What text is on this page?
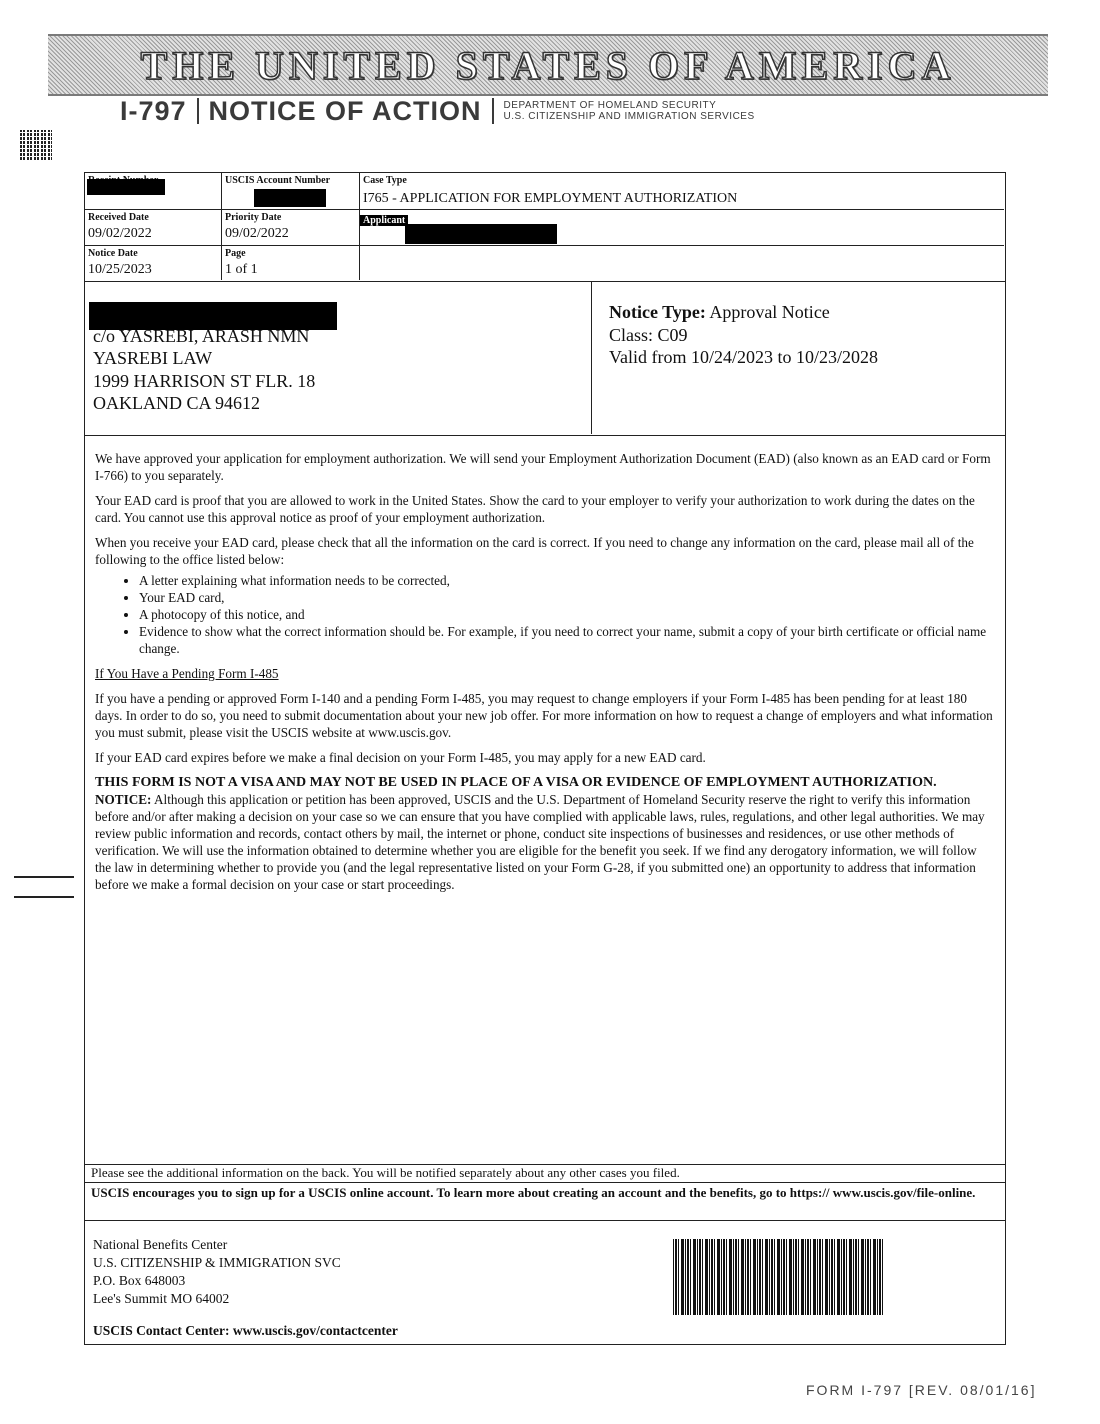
THE UNITED STATES OF AMERICA
I-797 NOTICE OF ACTION DEPARTMENT OF HOMELAND SECURITY
U.S. CITIZENSHIP AND IMMIGRATION SERVICES
USCIS Account Number	Case Type
I765 - APPLICATION FOR EMPLOYMENT AUTHORIZATION
Received Date
09/02/2022
Priority Date
09/02/2022
Applicant
Notice Date
10/25/2023
Page
1 of 1
c/o YASREBI, ARASH NMN
YASREBI LAW
1999 HARRISON ST FLR. 18
OAKLAND CA 94612
Notice Type: Approval Notice
Class: C09
Valid from 10/24/2023 to 10/23/2028

We have approved your application for employment authorization. We will send your Employment Authorization Document (EAD) (also known as an EAD card or Form I-766) to you separately.

Your EAD card is proof that you are allowed to work in the United States. Show the card to your employer to verify your authorization to work during the dates on the card. You cannot use this approval notice as proof of your employment authorization.

When you receive your EAD card, please check that all the information on the card is correct. If you need to change any information on the card, please mail all of the following to the office listed below:

• A letter explaining what information needs to be corrected,
• Your EAD card,
• A photocopy of this notice, and
• Evidence to show what the correct information should be. For example, if you need to correct your name, submit a copy of your birth certificate or official name change.

If You Have a Pending Form I-485

If you have a pending or approved Form I-140 and a pending Form I-485, you may request to change employers if your Form I-485 has been pending for at least 180 days. In order to do so, you need to submit documentation about your new job offer. For more information on how to request a change of employers and what information you must submit, please visit the USCIS website at www.uscis.gov.

If your EAD card expires before we make a final decision on your Form I-485, you may apply for a new EAD card.

THIS FORM IS NOT A VISA AND MAY NOT BE USED IN PLACE OF A VISA OR EVIDENCE OF EMPLOYMENT AUTHORIZATION.

NOTICE: Although this application or petition has been approved, USCIS and the U.S. Department of Homeland Security reserve the right to verify this information before and/or after making a decision on your case so we can ensure that you have complied with applicable laws, rules, regulations, and other legal authorities. We may review public information and records, contact others by mail, the internet or phone, conduct site inspections of businesses and residences, or use other methods of verification. We will use the information obtained to determine whether you are eligible for the benefit you seek. If we find any derogatory information, we will follow the law in determining whether to provide you (and the legal representative listed on your Form G-28, if you submitted one) an opportunity to address that information before we make a formal decision on your case or start proceedings.

Please see the additional information on the back. You will be notified separately about any other cases you filed.
USCIS encourages you to sign up for a USCIS online account. To learn more about creating an account and the benefits, go to https:// www.uscis.gov/file-online.
National Benefits Center
U.S. CITIZENSHIP & IMMIGRATION SVC
P.O. Box 648003
Lee's Summit MO 64002
USCIS Contact Center: www.uscis.gov/contactcenter
FORM I-797 [REV. 08/01/16]
